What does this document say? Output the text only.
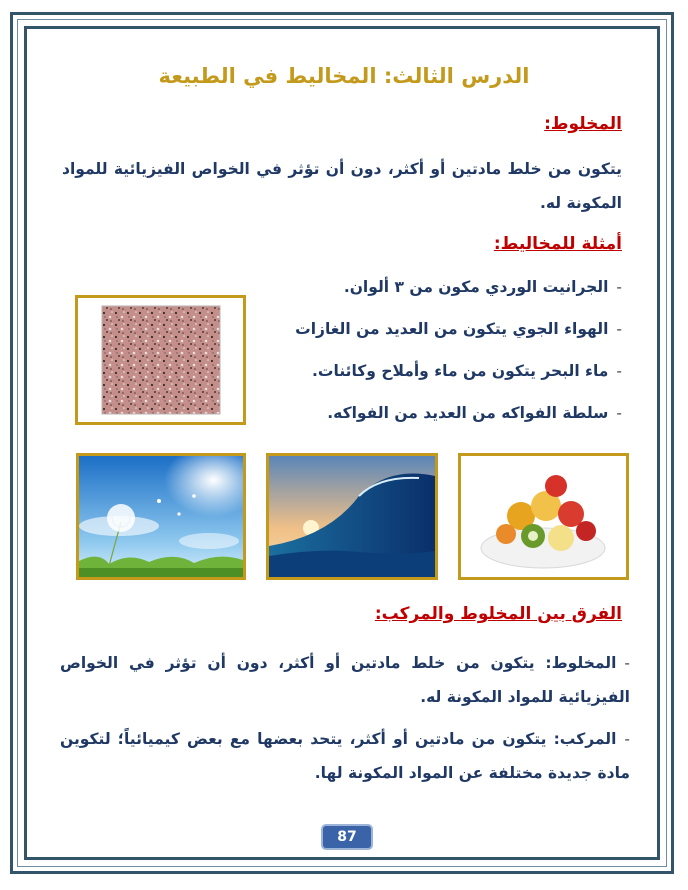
الدرس الثالث: المخاليط في الطبيعة
المخلوط:

يتكون من خلط مادتين أو أكثر، دون أن تؤثر في الخواص الفيزيائية للمواد المكونة له.

أمثلة للمخاليط:
-الجرانيت الوردي مكون من ٣ ألوان.
-الهواء الجوي يتكون من العديد من الغازات
-ماء البحر يتكون من ماء وأملاح وكائنات.
-سلطة الفواكه من العديد من الفواكه.
الفرق بين المخلوط والمركب:
-المخلوط: يتكون من خلط مادتين أو أكثر، دون أن تؤثر في الخواص الفيزيائية للمواد المكونة له.
-المركب: يتكون من مادتين أو أكثر، يتحد بعضها مع بعض كيميائياً؛ لتكوين مادة جديدة مختلفة عن المواد المكونة لها.
87
